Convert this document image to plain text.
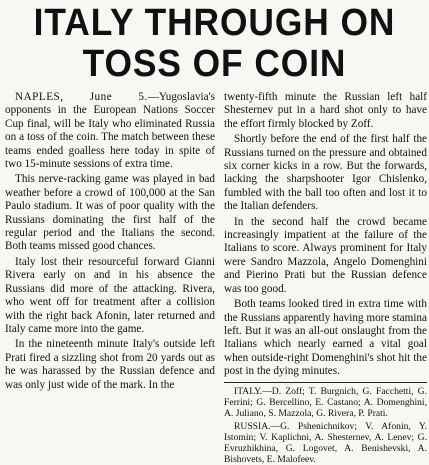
ITALY THROUGH ON
TOSS OF COIN

NAPLES, June 5.—Yugoslavia's opponents in the European Nations Soccer Cup final, will be Italy who eliminated Russia on a toss of the coin. The match between these teams ended goalless here today in spite of two 15-minute sessions of extra time.

This nerve-racking game was played in bad weather before a crowd of 100,000 at the San Paulo stadium. It was of poor quality with the Russians dominating the first half of the regular period and the Italians the second. Both teams missed good chances.

Italy lost their resourceful forward Gianni Rivera early on and in his absence the Russians did more of the attacking. Rivera, who went off for treatment after a collision with the right back Afonin, later returned and Italy came more into the game.

In the nineteenth minute Italy's outside left Prati fired a sizzling shot from 20 yards out as he was harassed by the Russian defence and was only just wide of the mark. In the

twenty-fifth minute the Russian left half Shesternev put in a hard shot only to have the effort firmly blocked by Zoff.

Shortly before the end of the first half the Russians turned on the pressure and obtained six corner kicks in a row. But the forwards, lacking the sharpshooter Igor Chislenko, fumbled with the ball too often and lost it to the Italian defenders.

In the second half the crowd became increasingly impatient at the failure of the Italians to score. Always prominent for Italy were Sandro Mazzola, Angelo Domenghini and Pierino Prati but the Russian defence was too good.

Both teams looked tired in extra time with the Russians apparently having more stamina left. But it was an all-out onslaught from the Italians which nearly earned a vital goal when outside-right Domenghini's shot hit the post in the dying minutes.

ITALY.—D. Zoff; T. Burgnich, G. Facchetti, G. Ferrini; G. Bercellino, E. Castano; A. Domenghini, A. Juliano, S. Mazzola, G. Rivera, P. Prati.

RUSSIA.—G. Pshenichnikov; V. Afonin, Y. Istomin; V. Kaplichni, A. Shesternev, A. Lenev; G. Evruzhikhina, G. Logovet, A. Benishevski, A. Bishovets, E. Malofeev.
